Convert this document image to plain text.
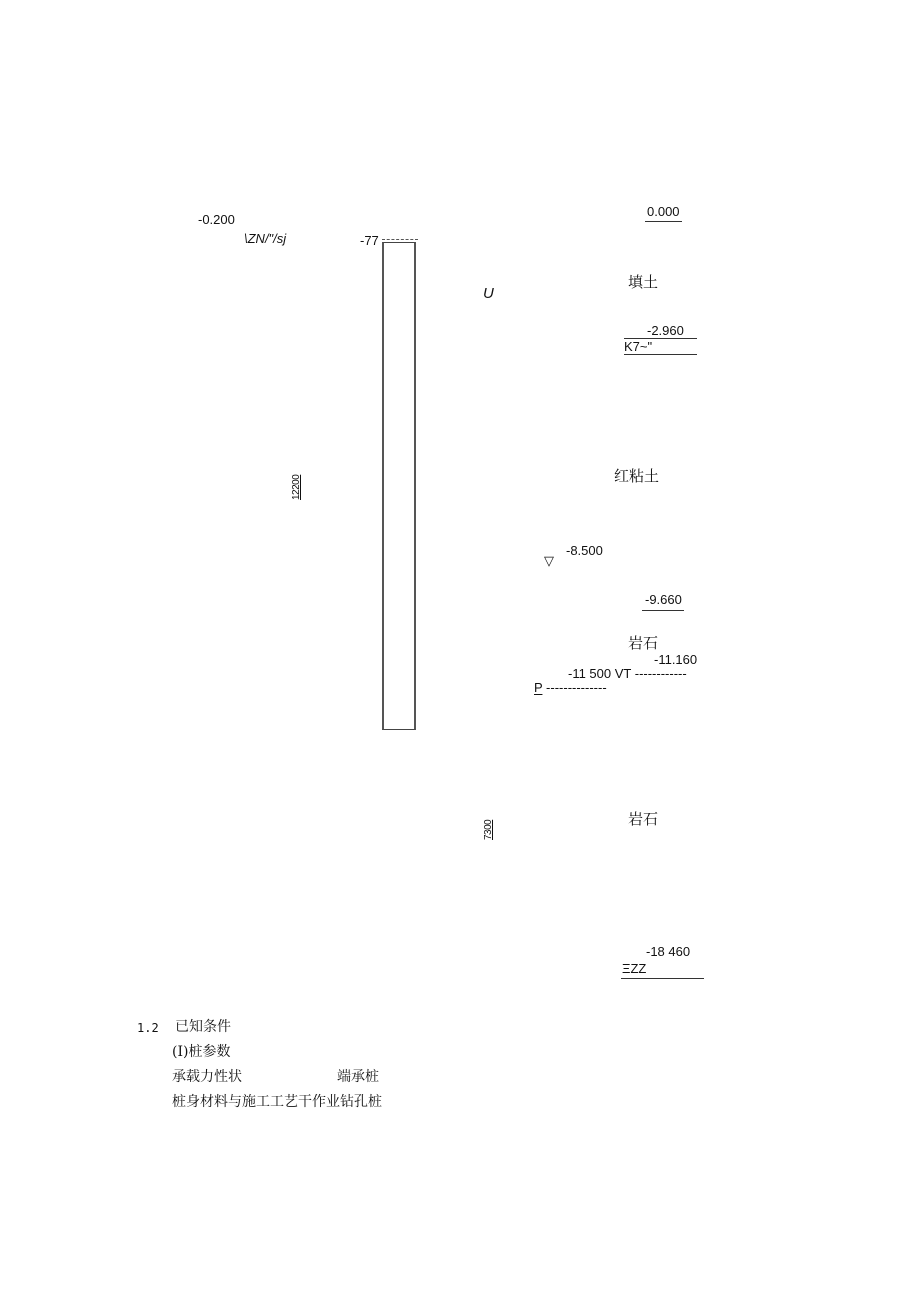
-0.200
\ZN/"/sj	-77
12200
7300
U
0.000
填土
-2.960
K7~"
红粘土
▽
-8.500
-9.660
岩石
-11.160
-11 500 VT ------------
P --------------
岩石
-18 460
ΞZZ
1.2 已知条件
(I)桩参数
承载力性状	端承桩
桩身材料与施工工艺干作业钻孔桩
